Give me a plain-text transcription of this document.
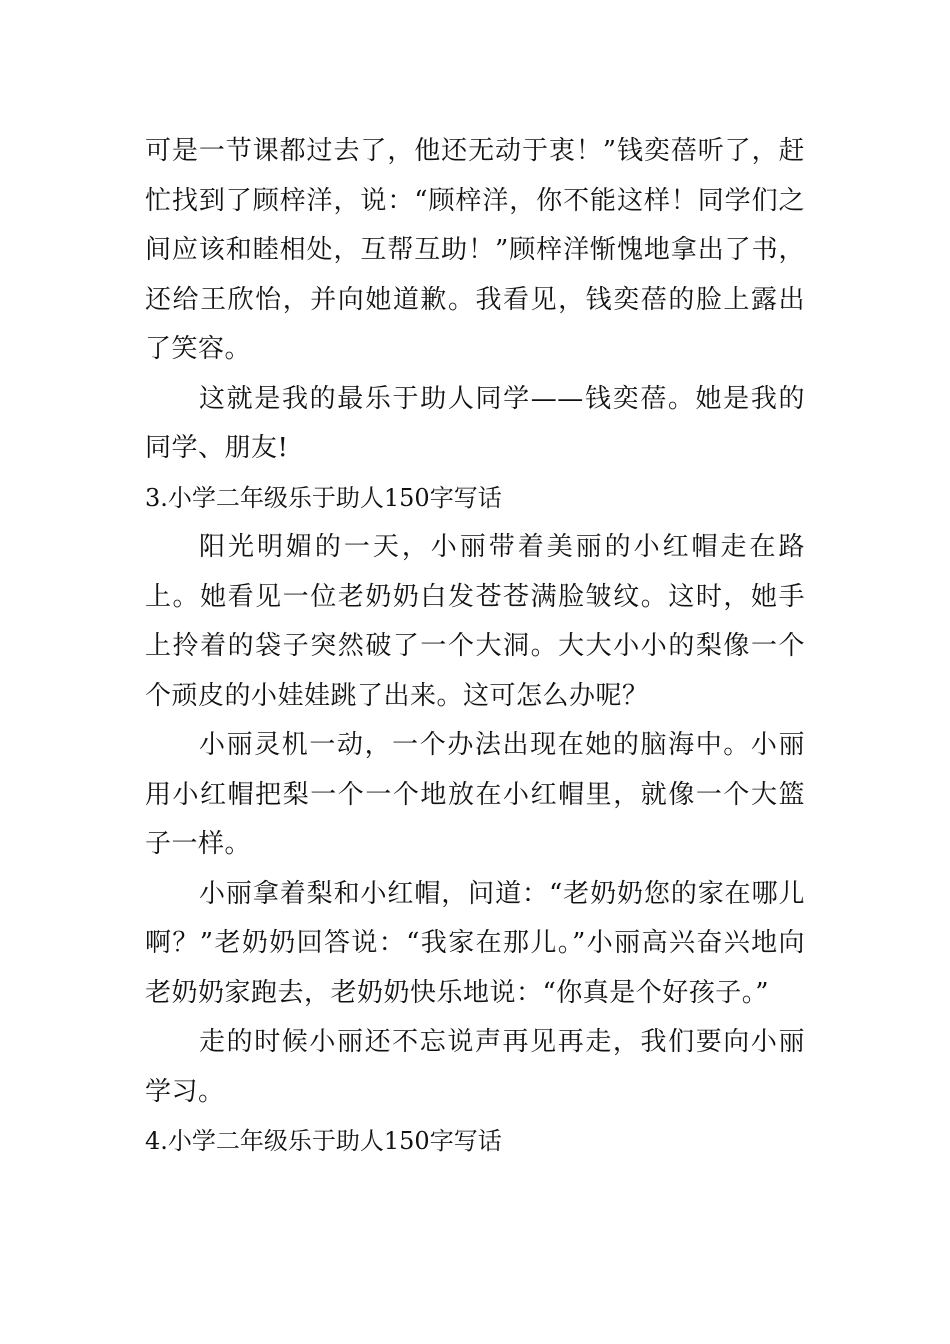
可是一节课都过去了，他还无动于衷！”钱奕蓓听了，赶忙找到了顾梓洋，说：“顾梓洋，你不能这样！同学们之间应该和睦相处，互帮互助！”顾梓洋惭愧地拿出了书，还给王欣怡，并向她道歉。我看见，钱奕蓓的脸上露出了笑容。

这就是我的最乐于助人同学——钱奕蓓。她是我的同学、朋友!

3.小学二年级乐于助人150字写话

阳光明媚的一天，小丽带着美丽的小红帽走在路上。她看见一位老奶奶白发苍苍满脸皱纹。这时，她手上拎着的袋子突然破了一个大洞。大大小小的梨像一个个顽皮的小娃娃跳了出来。这可怎么办呢？

小丽灵机一动，一个办法出现在她的脑海中。小丽用小红帽把梨一个一个地放在小红帽里，就像一个大篮子一样。

小丽拿着梨和小红帽，问道：“老奶奶您的家在哪儿啊？”老奶奶回答说：“我家在那儿。”小丽高兴奋兴地向老奶奶家跑去，老奶奶快乐地说：“你真是个好孩子。”

走的时候小丽还不忘说声再见再走，我们要向小丽学习。

4.小学二年级乐于助人150字写话
